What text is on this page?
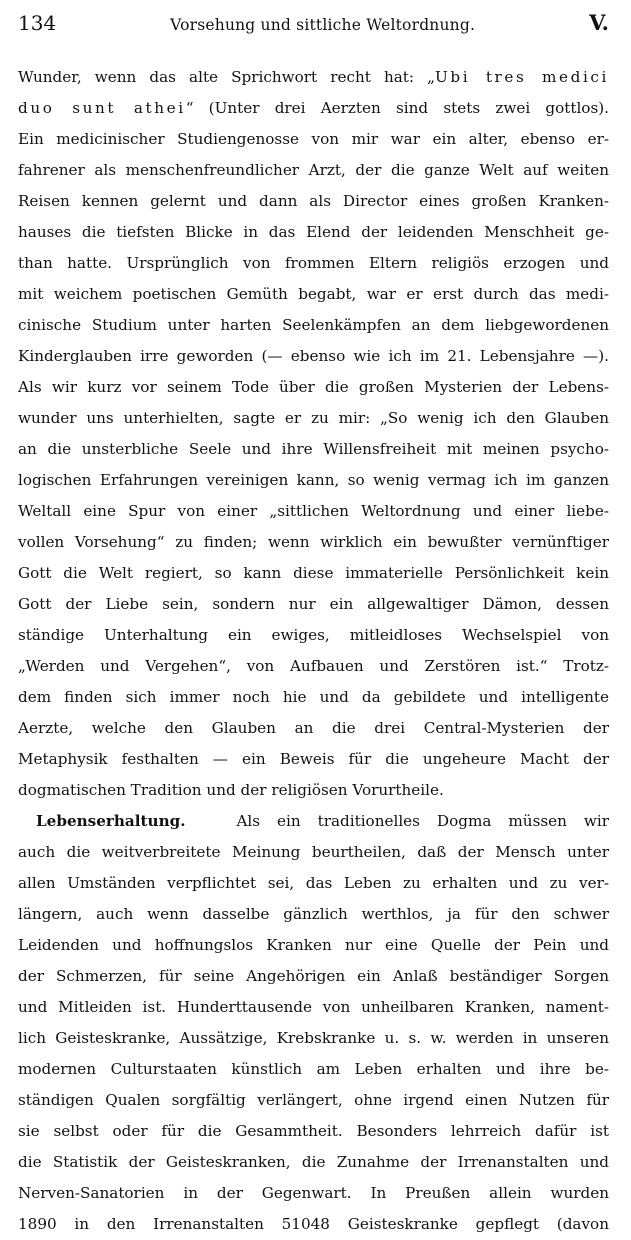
134	Vorsehung und sittliche Weltordnung.	V.
Wunder, wenn das alte Sprichwort recht hat: „Ubi tres medici
duo sunt athei“ (Unter drei Aerzten sind stets zwei gottlos).
Ein medicinischer Studiengenosse von mir war ein alter, ebenso er-
fahrener als menschenfreundlicher Arzt, der die ganze Welt auf weiten
Reisen kennen gelernt und dann als Director eines großen Kranken-
hauses die tiefsten Blicke in das Elend der leidenden Menschheit ge-
than hatte. Ursprünglich von frommen Eltern religiös erzogen und
mit weichem poetischen Gemüth begabt, war er erst durch das medi-
cinische Studium unter harten Seelenkämpfen an dem liebgewordenen
Kinderglauben irre geworden (— ebenso wie ich im 21. Lebensjahre —).
Als wir kurz vor seinem Tode über die großen Mysterien der Lebens-
wunder uns unterhielten, sagte er zu mir: „So wenig ich den Glauben
an die unsterbliche Seele und ihre Willensfreiheit mit meinen psycho-
logischen Erfahrungen vereinigen kann, so wenig vermag ich im ganzen
Weltall eine Spur von einer „sittlichen Weltordnung und einer liebe-
vollen Vorsehung“ zu finden; wenn wirklich ein bewußter vernünftiger
Gott die Welt regiert, so kann diese immaterielle Persönlichkeit kein
Gott der Liebe sein, sondern nur ein allgewaltiger Dämon, dessen
ständige Unterhaltung ein ewiges, mitleidloses Wechselspiel von
„Werden und Vergehen“, von Aufbauen und Zerstören ist.“ Trotz-
dem finden sich immer noch hie und da gebildete und intelligente
Aerzte, welche den Glauben an die drei Central-Mysterien der
Metaphysik festhalten — ein Beweis für die ungeheure Macht der
dogmatischen Tradition und der religiösen Vorurtheile.
Lebenserhaltung.	Als ein traditionelles Dogma müssen wir
auch die weitverbreitete Meinung beurtheilen, daß der Mensch unter
allen Umständen verpflichtet sei, das Leben zu erhalten und zu ver-
längern, auch wenn dasselbe gänzlich werthlos, ja für den schwer
Leidenden und hoffnungslos Kranken nur eine Quelle der Pein und
der Schmerzen, für seine Angehörigen ein Anlaß beständiger Sorgen
und Mitleiden ist. Hunderttausende von unheilbaren Kranken, nament-
lich Geisteskranke, Aussätzige, Krebskranke u. s. w. werden in unseren
modernen Culturstaaten künstlich am Leben erhalten und ihre be-
ständigen Qualen sorgfältig verlängert, ohne irgend einen Nutzen für
sie selbst oder für die Gesammtheit. Besonders lehrreich dafür ist
die Statistik der Geisteskranken, die Zunahme der Irrenanstalten und
Nerven-Sanatorien in der Gegenwart. In Preußen allein wurden
1890 in den Irrenanstalten 51048 Geisteskranke gepflegt (davon
